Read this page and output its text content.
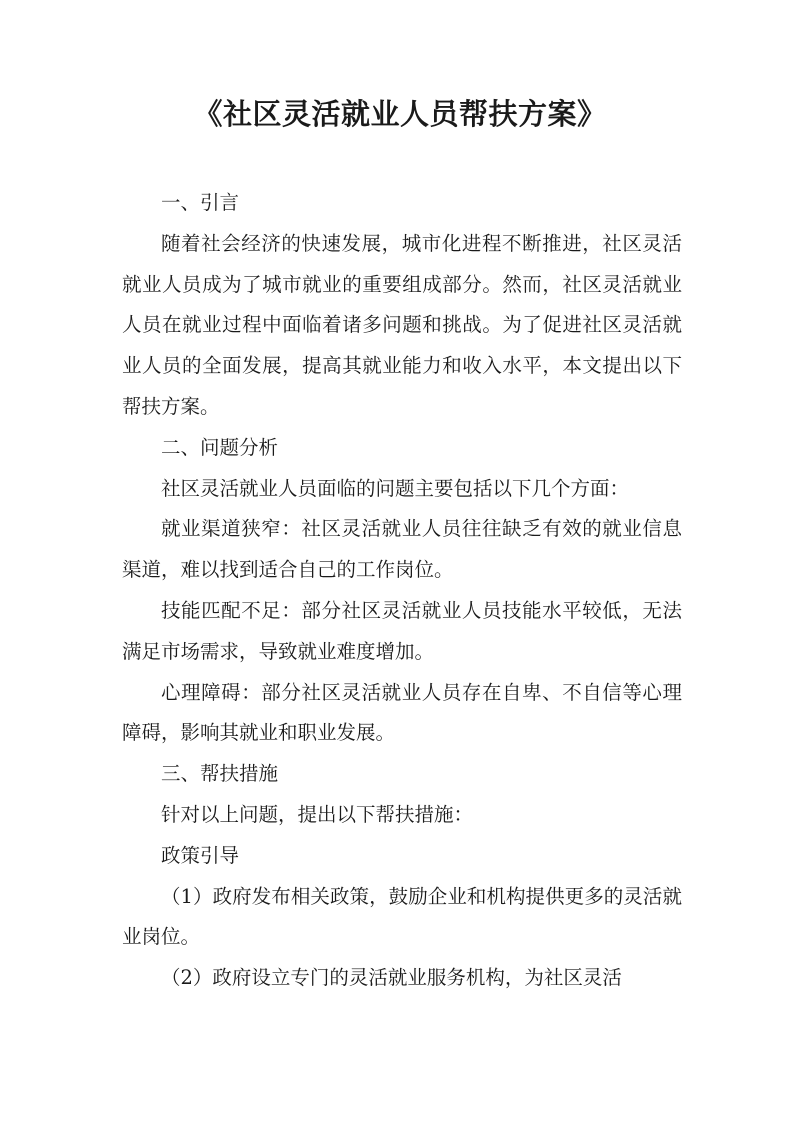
《社区灵活就业人员帮扶方案》

一、引言

随着社会经济的快速发展，城市化进程不断推进，社区灵活就业人员成为了城市就业的重要组成部分。然而，社区灵活就业人员在就业过程中面临着诸多问题和挑战。为了促进社区灵活就业人员的全面发展，提高其就业能力和收入水平，本文提出以下帮扶方案。

二、问题分析

社区灵活就业人员面临的问题主要包括以下几个方面：

就业渠道狭窄：社区灵活就业人员往往缺乏有效的就业信息渠道，难以找到适合自己的工作岗位。

技能匹配不足：部分社区灵活就业人员技能水平较低，无法满足市场需求，导致就业难度增加。

心理障碍：部分社区灵活就业人员存在自卑、不自信等心理障碍，影响其就业和职业发展。

三、帮扶措施

针对以上问题，提出以下帮扶措施：

政策引导

（1）政府发布相关政策，鼓励企业和机构提供更多的灵活就业岗位。

（2）政府设立专门的灵活就业服务机构，为社区灵活
